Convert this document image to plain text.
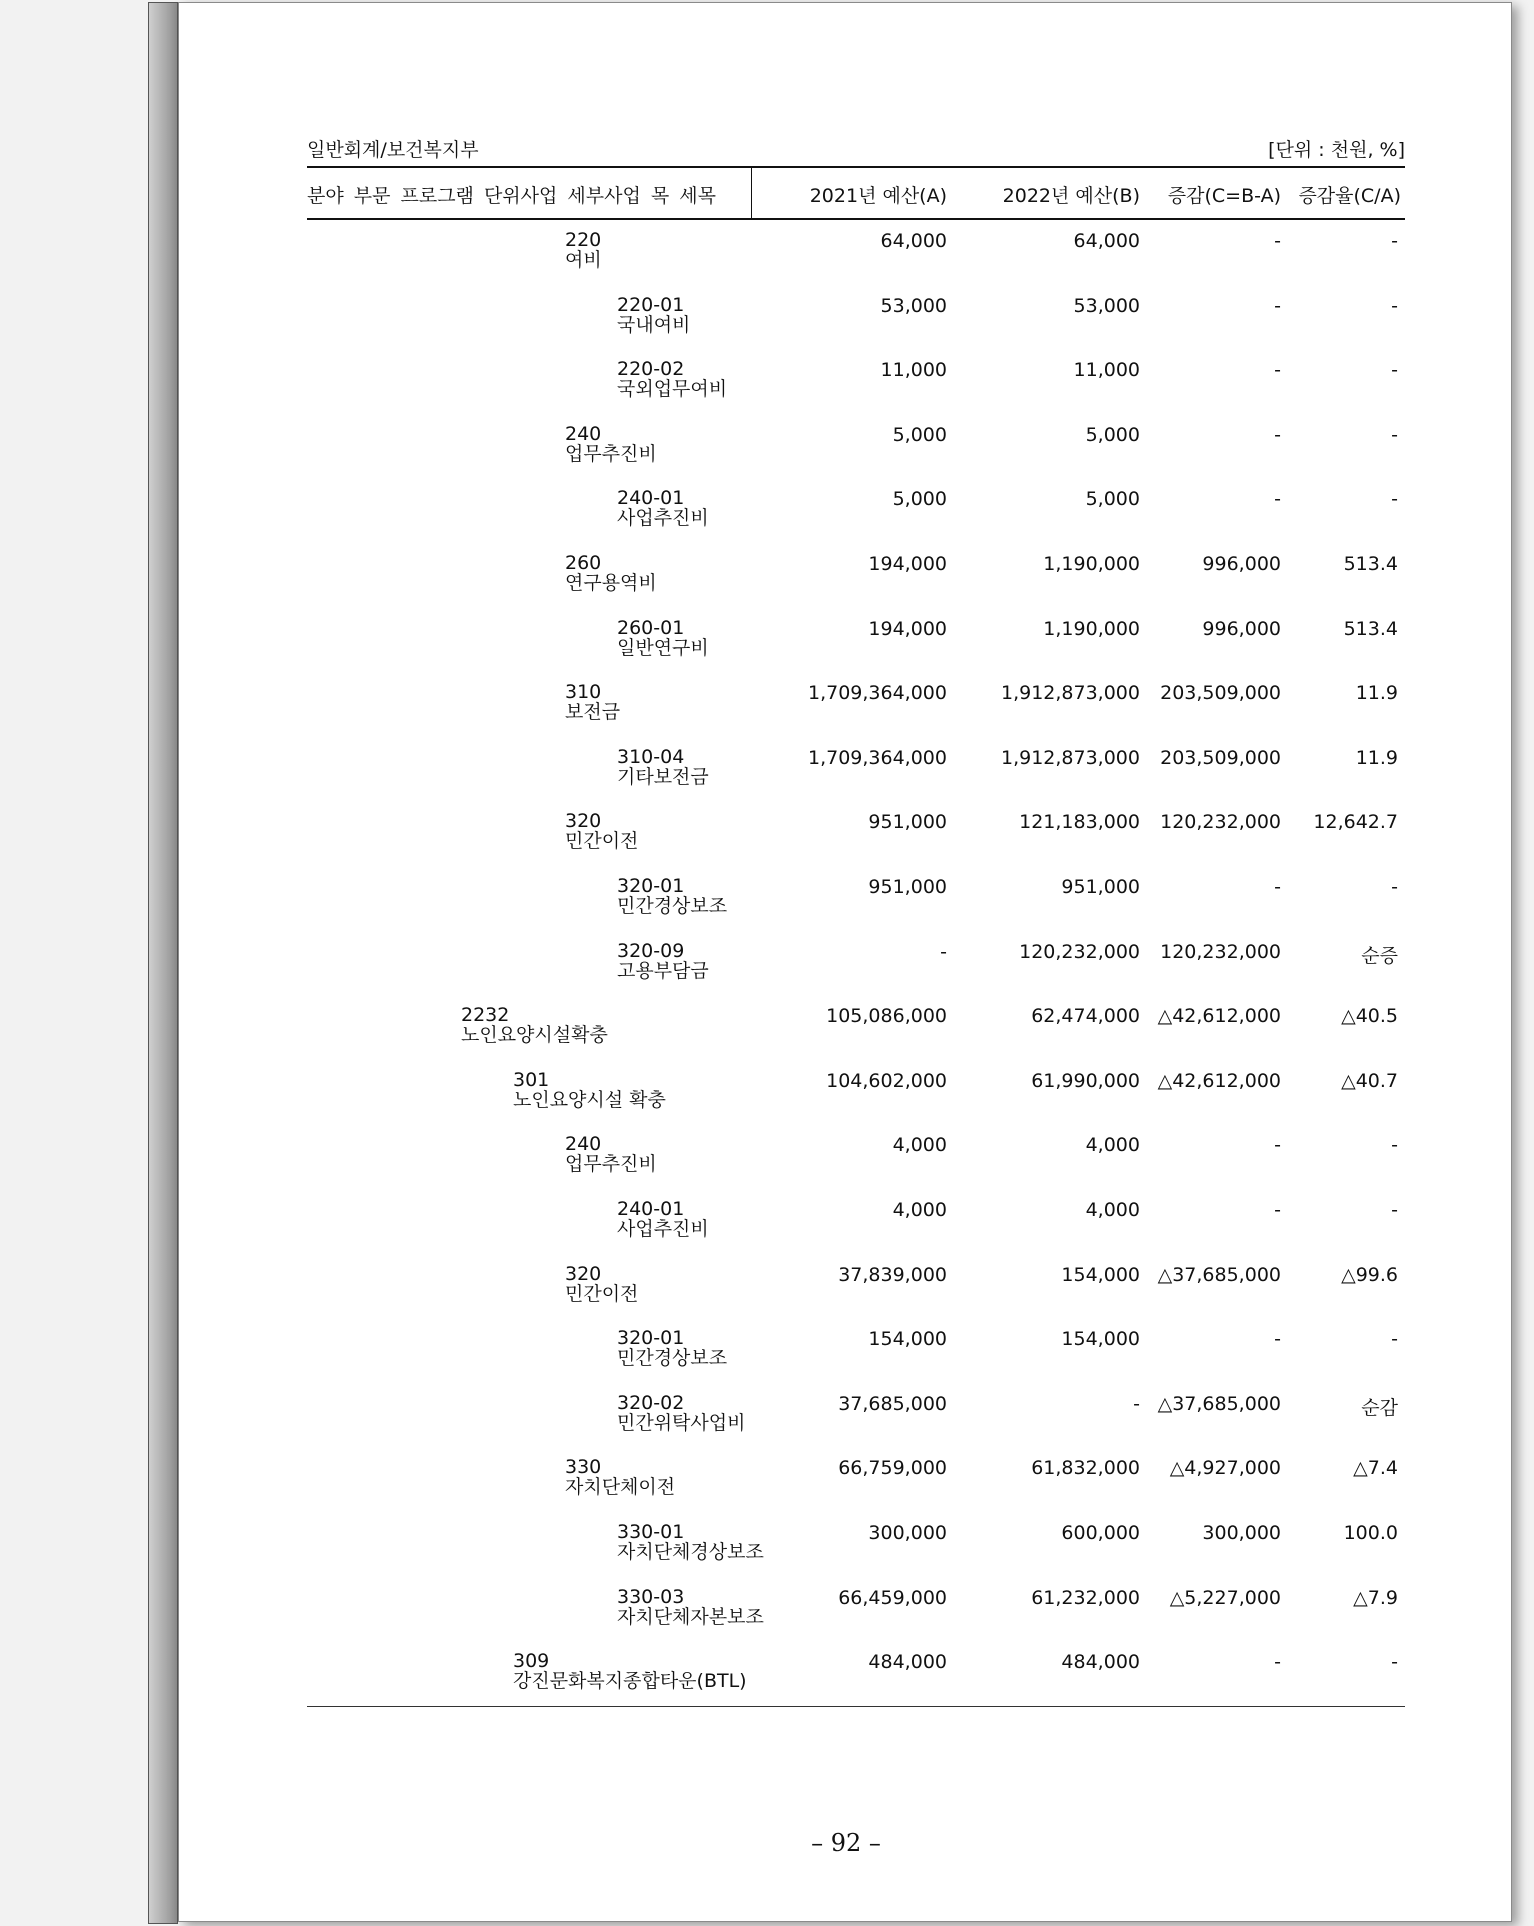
일반회계/보건복지부	[단위 : 천원, %]
분야 부문 프로그램 단위사업 세부사업 목 세목	2021년 예산(A)	2022년 예산(B) 증감(C=B-A) 증감율(C/A)
220
여비
64,000	64,000	-	-
220-01
국내여비
53,000	53,000	-	-
220-02
국외업무여비
11,000	11,000	-	-
240
업무추진비
5,000	5,000	-	-
240-01
사업추진비
5,000	5,000	-	-
260
연구용역비
194,000	1,190,000	996,000	513.4
260-01
일반연구비
194,000	1,190,000	996,000	513.4
310
보전금
1,709,364,000	1,912,873,000 203,509,000	11.9
310-04
기타보전금
1,709,364,000	1,912,873,000 203,509,000	11.9
320
민간이전
951,000	121,183,000 120,232,000 12,642.7
320-01
민간경상보조
951,000	951,000	-	-
320-09
고용부담금
-	120,232,000 120,232,000	순증
2232
노인요양시설확충
105,086,000	62,474,000 △42,612,000	△40.5
301
노인요양시설 확충
104,602,000	61,990,000 △42,612,000	△40.7
240
업무추진비
4,000	4,000	-	-
240-01
사업추진비
4,000	4,000	-	-
320
민간이전
37,839,000	154,000 △37,685,000	△99.6
320-01
민간경상보조
154,000	154,000	-	-
320-02
민간위탁사업비
37,685,000	- △37,685,000	순감
330
자치단체이전
66,759,000	61,832,000 △4,927,000	△7.4
330-01
자치단체경상보조
300,000	600,000	300,000	100.0
330-03
자치단체자본보조
66,459,000	61,232,000 △5,227,000	△7.9
309
강진문화복지종합타운(BTL)
484,000	484,000	-	-
– 92 –
